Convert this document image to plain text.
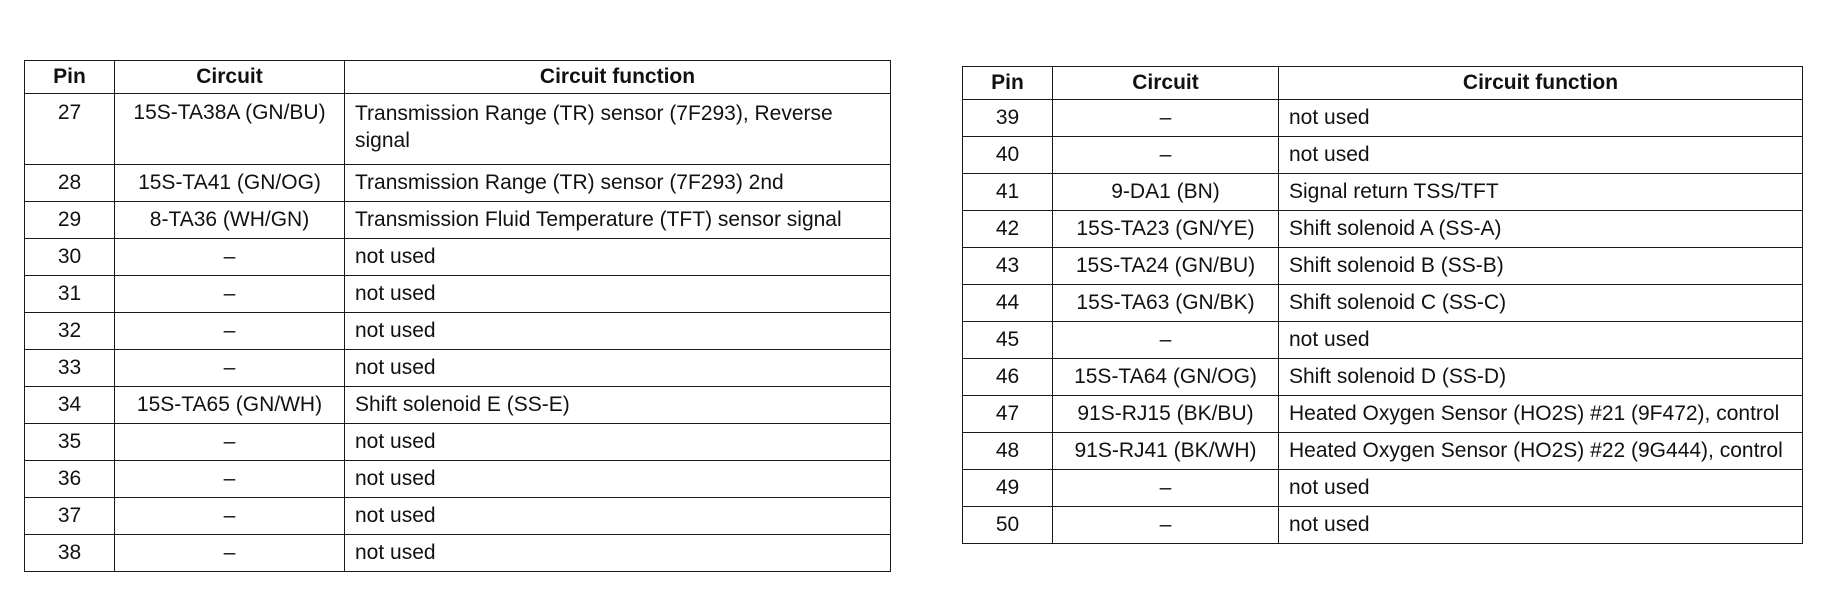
Pin	Circuit	Circuit function
27	15S-TA38A (GN/BU)	Transmission Range (TR) sensor (7F293), Reverse signal
28	15S-TA41 (GN/OG)	Transmission Range (TR) sensor (7F293) 2nd
29	8-TA36 (WH/GN)	Transmission Fluid Temperature (TFT) sensor signal
30	–	not used
31	–	not used
32	–	not used
33	–	not used
34	15S-TA65 (GN/WH)	Shift solenoid E (SS-E)
35	–	not used
36	–	not used
37	–	not used
38	–	not used
Pin	Circuit	Circuit function
39	–	not used
40	–	not used
41	9-DA1 (BN)	Signal return TSS/TFT
42	15S-TA23 (GN/YE)	Shift solenoid A (SS-A)
43	15S-TA24 (GN/BU)	Shift solenoid B (SS-B)
44	15S-TA63 (GN/BK)	Shift solenoid C (SS-C)
45	–	not used
46	15S-TA64 (GN/OG)	Shift solenoid D (SS-D)
47	91S-RJ15 (BK/BU)	Heated Oxygen Sensor (HO2S) #21 (9F472), control
48	91S-RJ41 (BK/WH)	Heated Oxygen Sensor (HO2S) #22 (9G444), control
49	–	not used
50	–	not used
